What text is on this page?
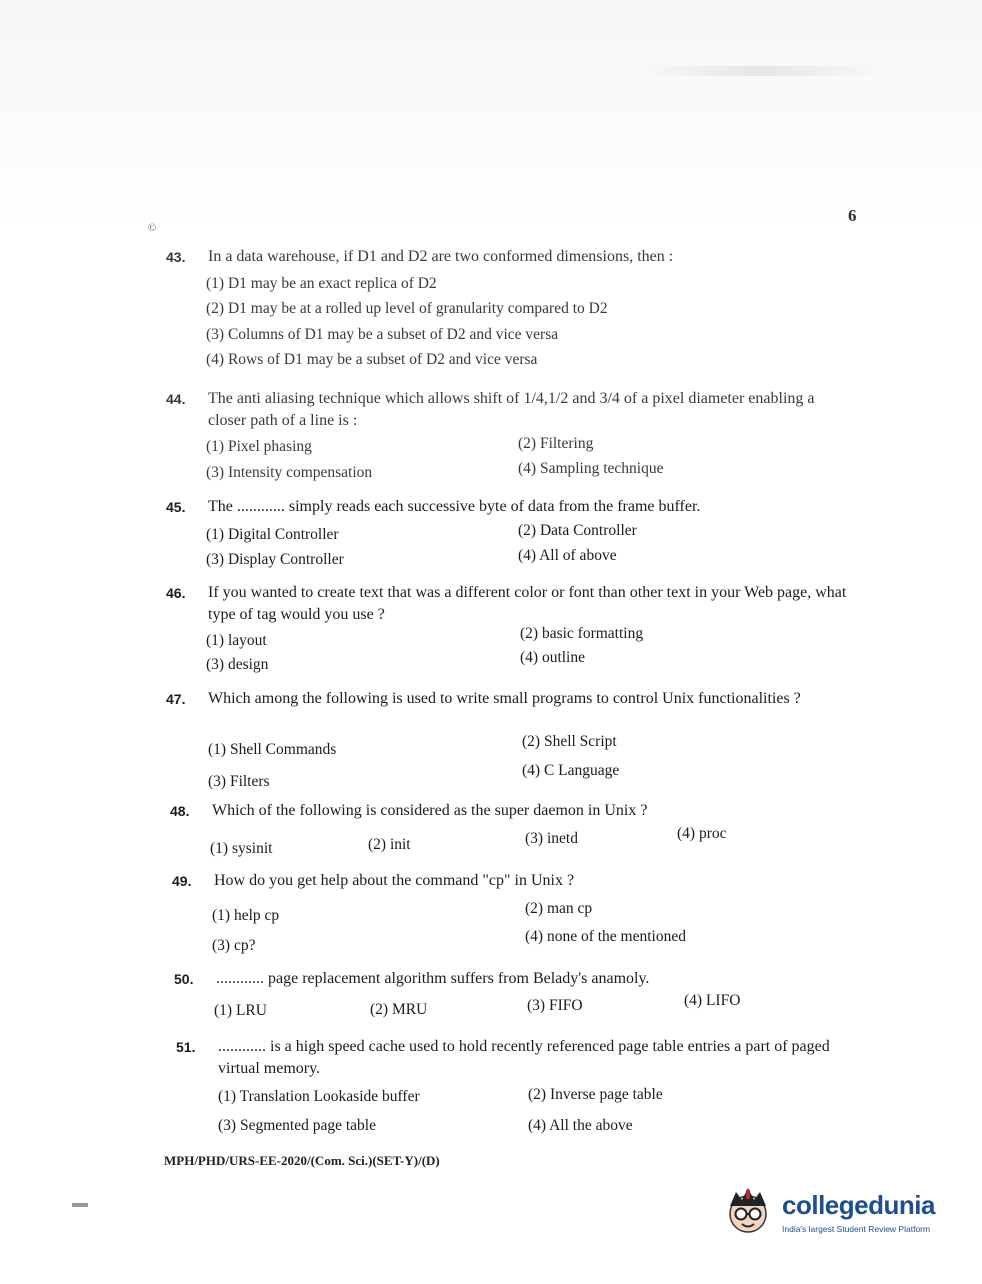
©
6
43. In a data warehouse, if D1 and D2 are two conformed dimensions, then :
(1) D1 may be an exact replica of D2
(2) D1 may be at a rolled up level of granularity compared to D2
(3) Columns of D1 may be a subset of D2 and vice versa
(4) Rows of D1 may be a subset of D2 and vice versa
44. The anti aliasing technique which allows shift of 1/4,1/2 and 3/4 of a pixel diameter enabling a closer path of a line is :
(1) Pixel phasing	(2) Filtering
(3) Intensity compensation	(4) Sampling technique
45. The ............ simply reads each successive byte of data from the frame buffer.
(1) Digital Controller	(2) Data Controller
(3) Display Controller	(4) All of above
46. If you wanted to create text that was a different color or font than other text in your Web page, what type of tag would you use ?
(1) layout	(2) basic formatting
(3) design	(4) outline
47. Which among the following is used to write small programs to control Unix functionalities ?
(1) Shell Commands	(2) Shell Script
(3) Filters
(4) C Language
48. Which of the following is considered as the super daemon in Unix ?
(1) sysinit	(2) init	(3) inetd	(4) proc
49. How do you get help about the command "cp" in Unix ?
(1) help cp	(2) man cp
(3) cp?
(4) none of the mentioned
50. ............ page replacement algorithm suffers from Belady's anamoly.
(1) LRU	(2) MRU	(3) FIFO	(4) LIFO
51. ............ is a high speed cache used to hold recently referenced page table entries a part of paged virtual memory.
(1) Translation Lookaside buffer	(2) Inverse page table
(3) Segmented page table	(4) All the above
MPH/PHD/URS-EE-2020/(Com. Sci.)(SET-Y)/(D)
collegedunia
India's largest Student Review Platform
